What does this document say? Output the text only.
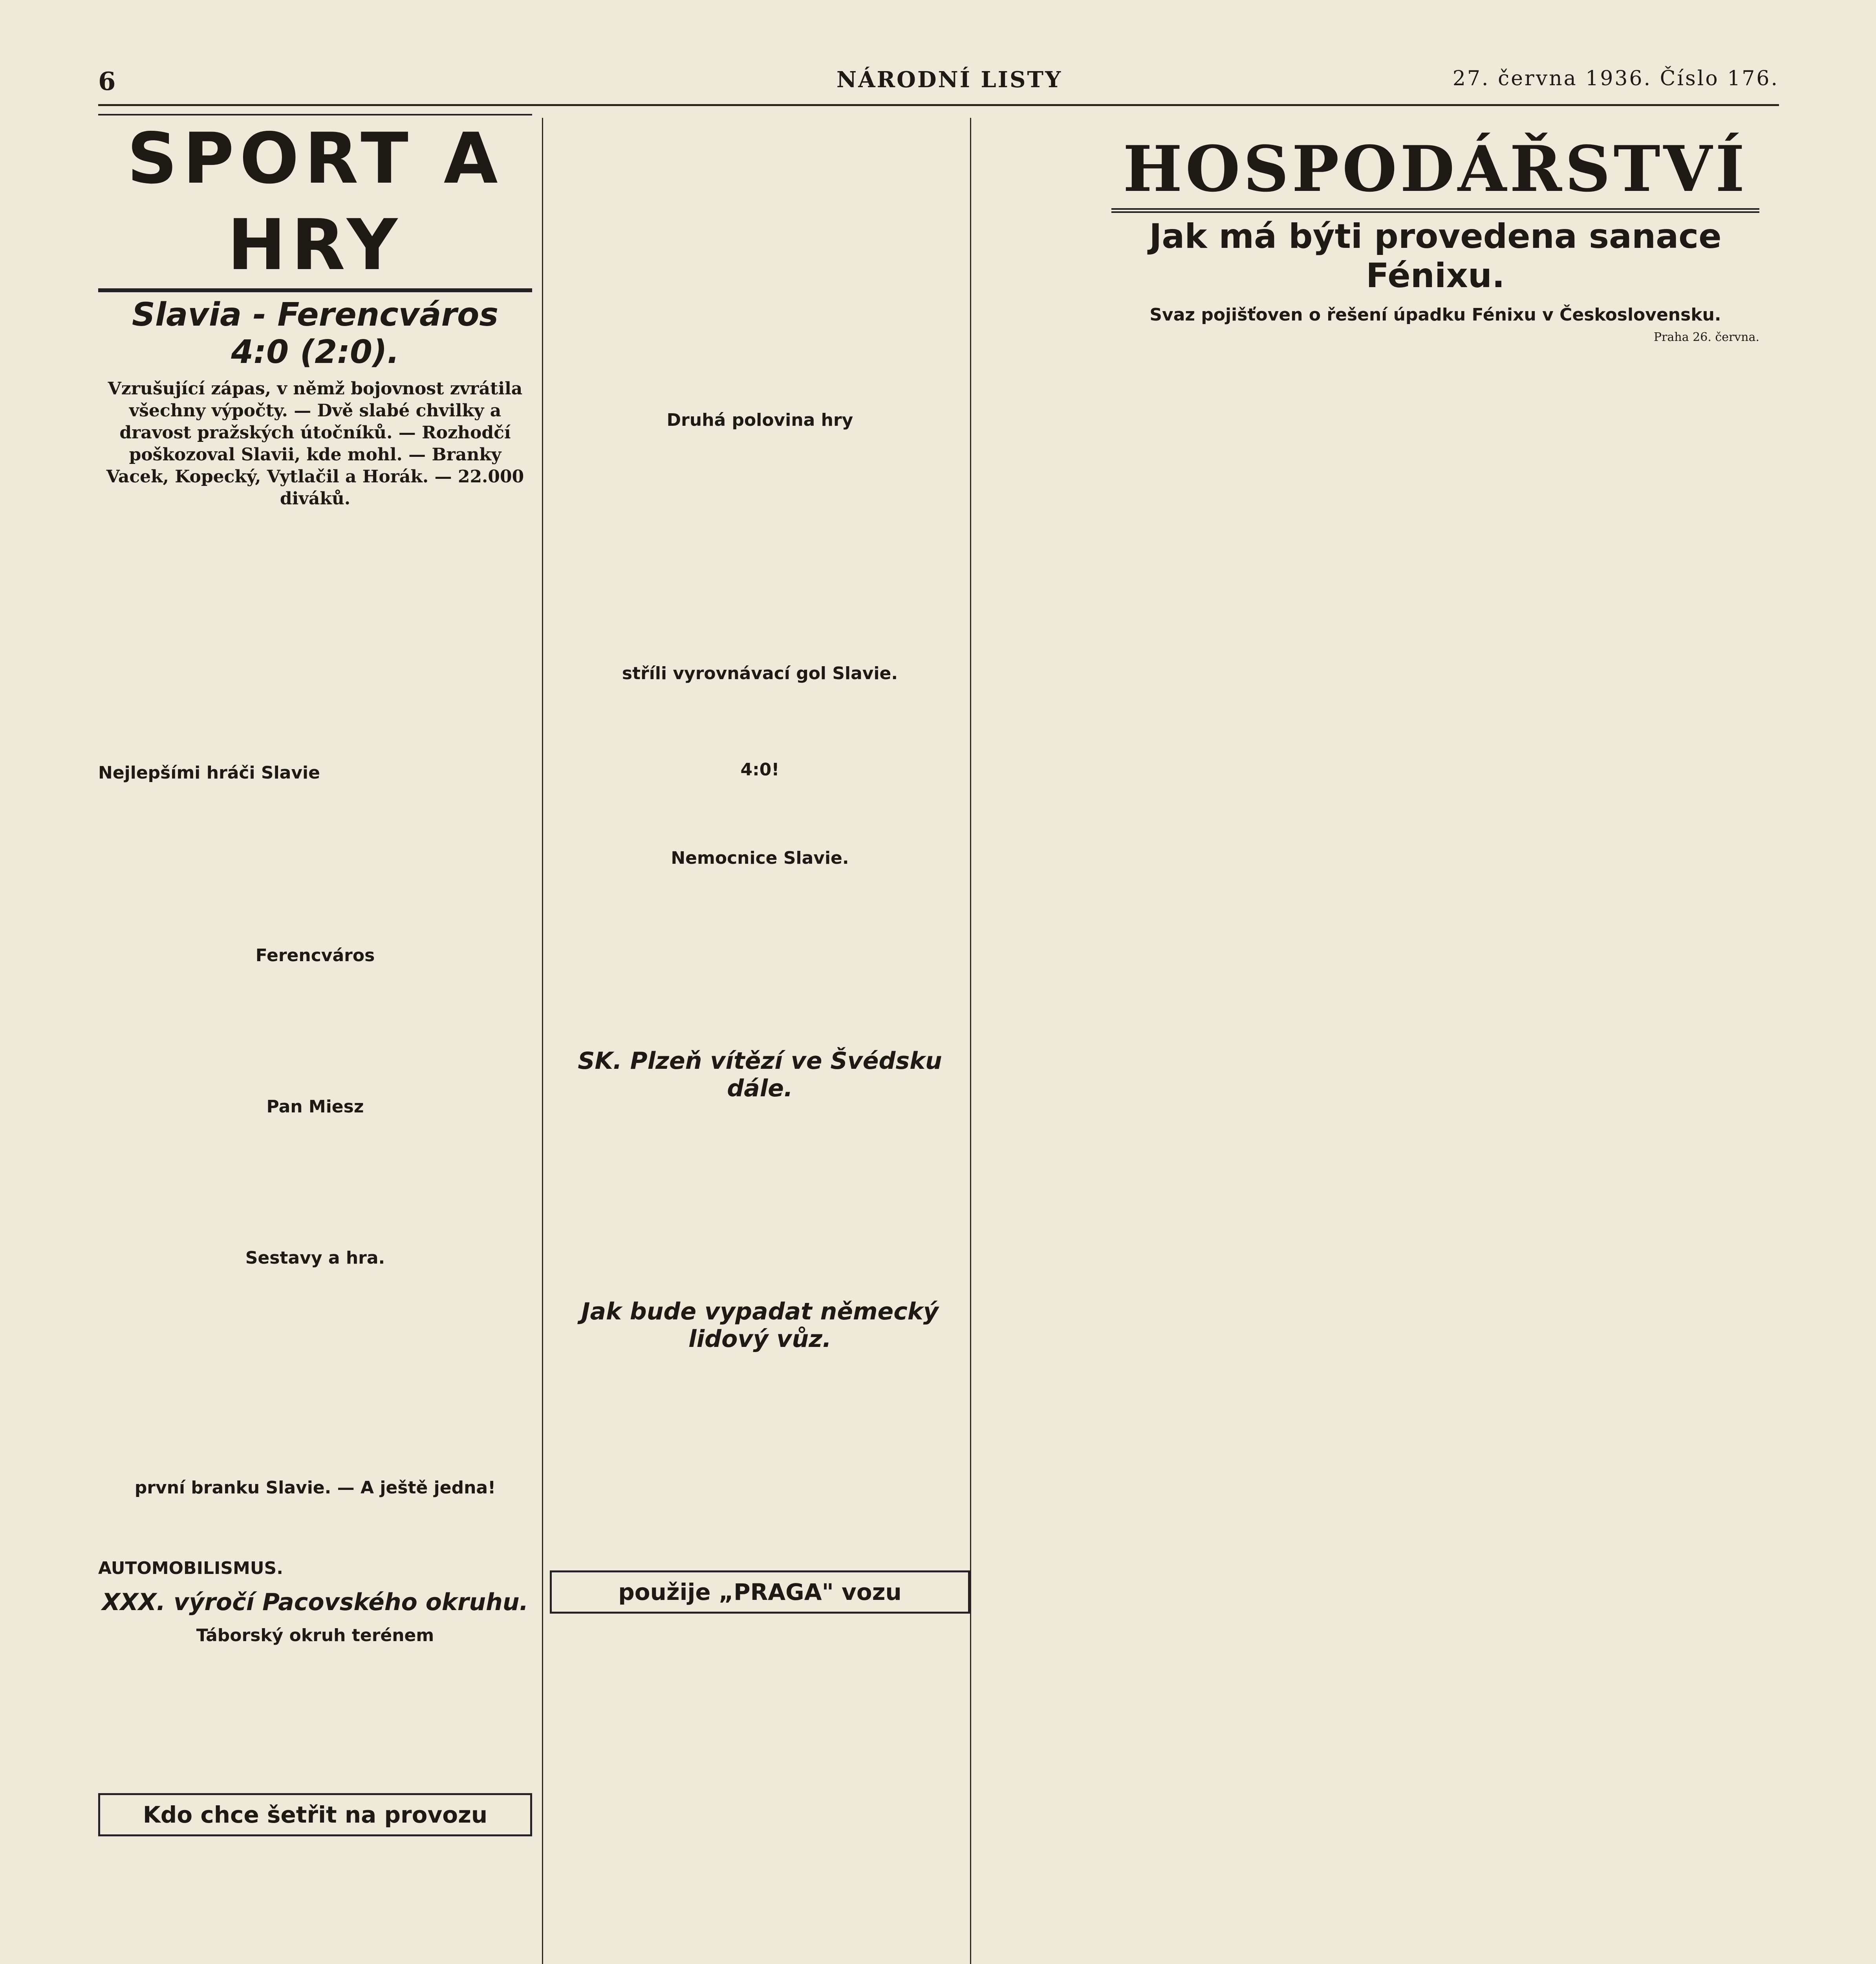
6	NÁRODNÍ LISTY	27. června 1936. Číslo 176.
SPORT A HRY
Slavia - Ferencváros 4:0 (2:0).
Vzrušující zápas, v němž bojovnost zvrátila všechny výpočty. — Dvě slabé chvilky a dravost pražských útočníků. — Rozhodčí poškozoval Slavii, kde mohl. — Branky Vacek, Kopecký, Vytlačil a Horák. — 22.000 diváků.
Nejlepšími hráči Slavie
Ferencváros
Pan Miesz
Sestavy a hra.
první branku Slavie. — A ještě jedna!
AUTOMOBILISMUS.
XXX. výročí Pacovského okruhu.
Táborský okruh terénem
Kdo chce šetřit na provozu
Druhá polovina hry
stříli vyrovnávací gol Slavie.
4:0!
Nemocnice Slavie.
SK. Plzeň vítězí ve Švédsku dále.
Jak bude vypadat německý lidový vůz.
použije „PRAGA" vozu
HOSPODÁŘSTVÍ
Jak má býti provedena sanace Fénixu.
Svaz pojišťoven o řešení úpadku Fénixu v Československu.
Praha 26. června.
